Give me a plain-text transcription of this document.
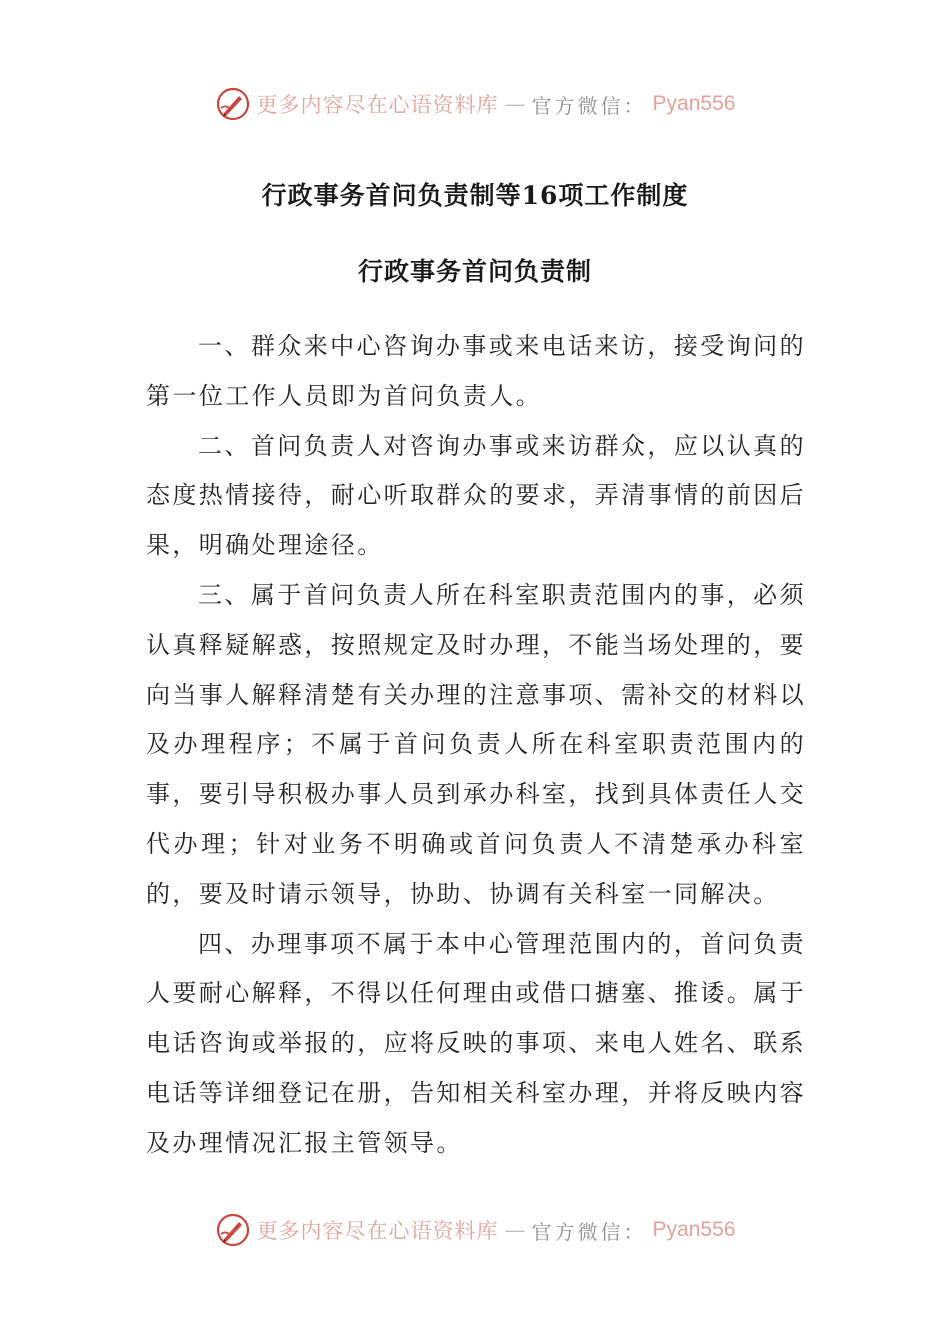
更多内容尽在心语资料库 — 官方微信： Pyan556
行政事务首问负责制等16项工作制度
行政事务首问负责制

一、群众来中心咨询办事或来电话来访，接受询问的第一位工作人员即为首问负责人。

二、首问负责人对咨询办事或来访群众，应以认真的态度热情接待，耐心听取群众的要求，弄清事情的前因后果，明确处理途径。

三、属于首问负责人所在科室职责范围内的事，必须认真释疑解惑，按照规定及时办理，不能当场处理的，要向当事人解释清楚有关办理的注意事项、需补交的材料以及办理程序；不属于首问负责人所在科室职责范围内的事，要引导积极办事人员到承办科室，找到具体责任人交代办理；针对业务不明确或首问负责人不清楚承办科室的，要及时请示领导，协助、协调有关科室一同解决。

四、办理事项不属于本中心管理范围内的，首问负责人要耐心解释，不得以任何理由或借口搪塞、推诿。属于电话咨询或举报的，应将反映的事项、来电人姓名、联系电话等详细登记在册，告知相关科室办理，并将反映内容及办理情况汇报主管领导。

更多内容尽在心语资料库 — 官方微信： Pyan556
